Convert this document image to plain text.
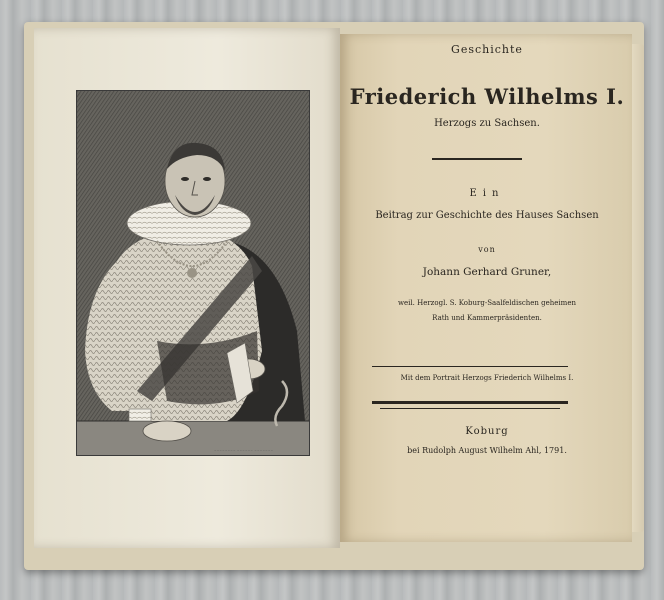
~~~~~~~~ ~~~~~~ ~~~~~~~
Geschichte
Friederich Wilhelms I.
Herzogs zu Sachsen.
Ein
Beitrag zur Geschichte des Hauses Sachsen
von
Johann Gerhard Gruner,
weil. Herzogl. S. Koburg-Saalfeldischen geheimen
Rath und Kammerpräsidenten.
Mit dem Portrait Herzogs Friederich Wilhelms I.
Koburg
bei Rudolph August Wilhelm Ahl, 1791.
